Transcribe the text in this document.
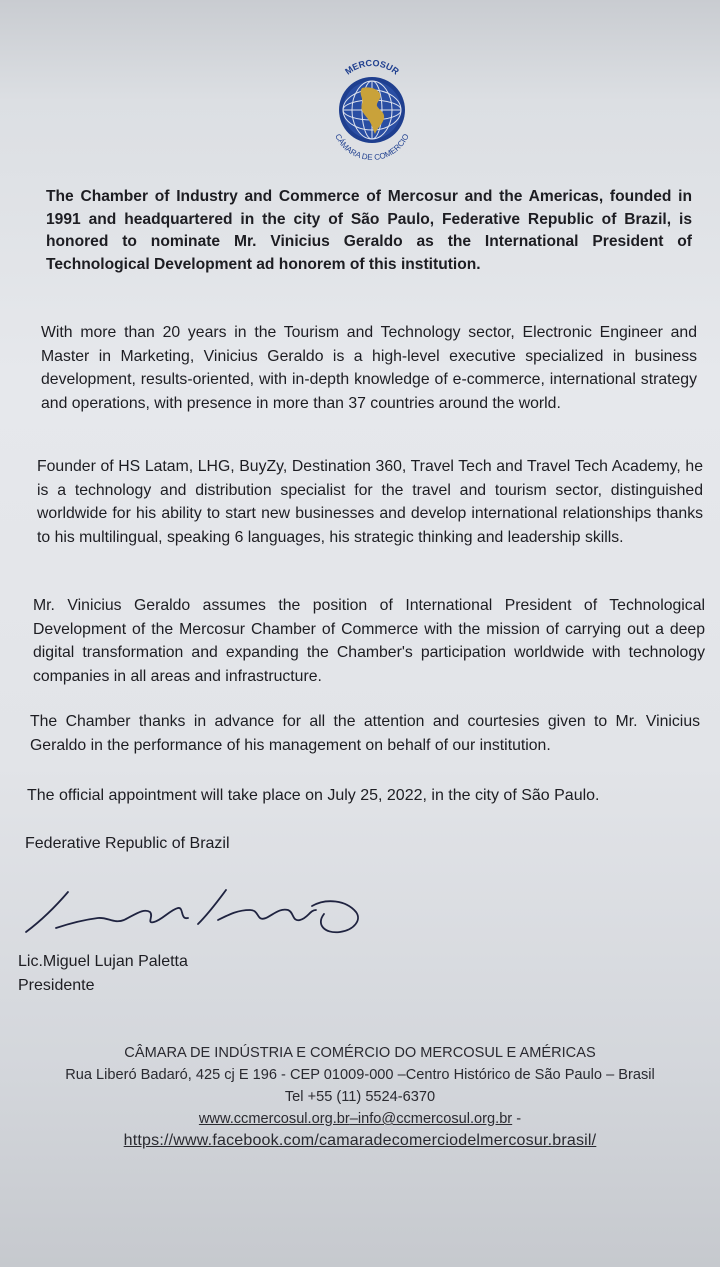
MERCOSUR
CÁMARA DE COMERCIO

The Chamber of Industry and Commerce of Mercosur and the Americas, founded in 1991 and headquartered in the city of São Paulo, Federative Republic of Brazil, is honored to nominate Mr. Vinicius Geraldo as the International President of Technological Development ad honorem of this institution.

With more than 20 years in the Tourism and Technology sector, Electronic Engineer and Master in Marketing, Vinicius Geraldo is a high-level executive specialized in business development, results-oriented, with in-depth knowledge of e-commerce, international strategy and operations, with presence in more than 37 countries around the world.

Founder of HS Latam, LHG, BuyZy, Destination 360, Travel Tech and Travel Tech Academy, he is a technology and distribution specialist for the travel and tourism sector, distinguished worldwide for his ability to start new businesses and develop international relationships thanks to his multilingual, speaking 6 languages, his strategic thinking and leadership skills.

Mr. Vinicius Geraldo assumes the position of International President of Technological Development of the Mercosur Chamber of Commerce with the mission of carrying out a deep digital transformation and expanding the Chamber's participation worldwide with technology companies in all areas and infrastructure.

The Chamber thanks in advance for all the attention and courtesies given to Mr. Vinicius Geraldo in the performance of his management on behalf of our institution.

The official appointment will take place on July 25, 2022, in the city of São Paulo.

Federative Republic of Brazil

Lic.Miguel Lujan Paletta
Presidente
CÂMARA DE INDÚSTRIA E COMÉRCIO DO MERCOSUL E AMÉRICAS
Rua Liberó Badaró, 425 cj E 196 - CEP 01009-000 –Centro Histórico de São Paulo – Brasil
Tel +55 (11) 5524-6370
www.ccmercosul.org.br–info@ccmercosul.org.br -
https://www.facebook.com/camaradecomerciodelmercosur.brasil/
